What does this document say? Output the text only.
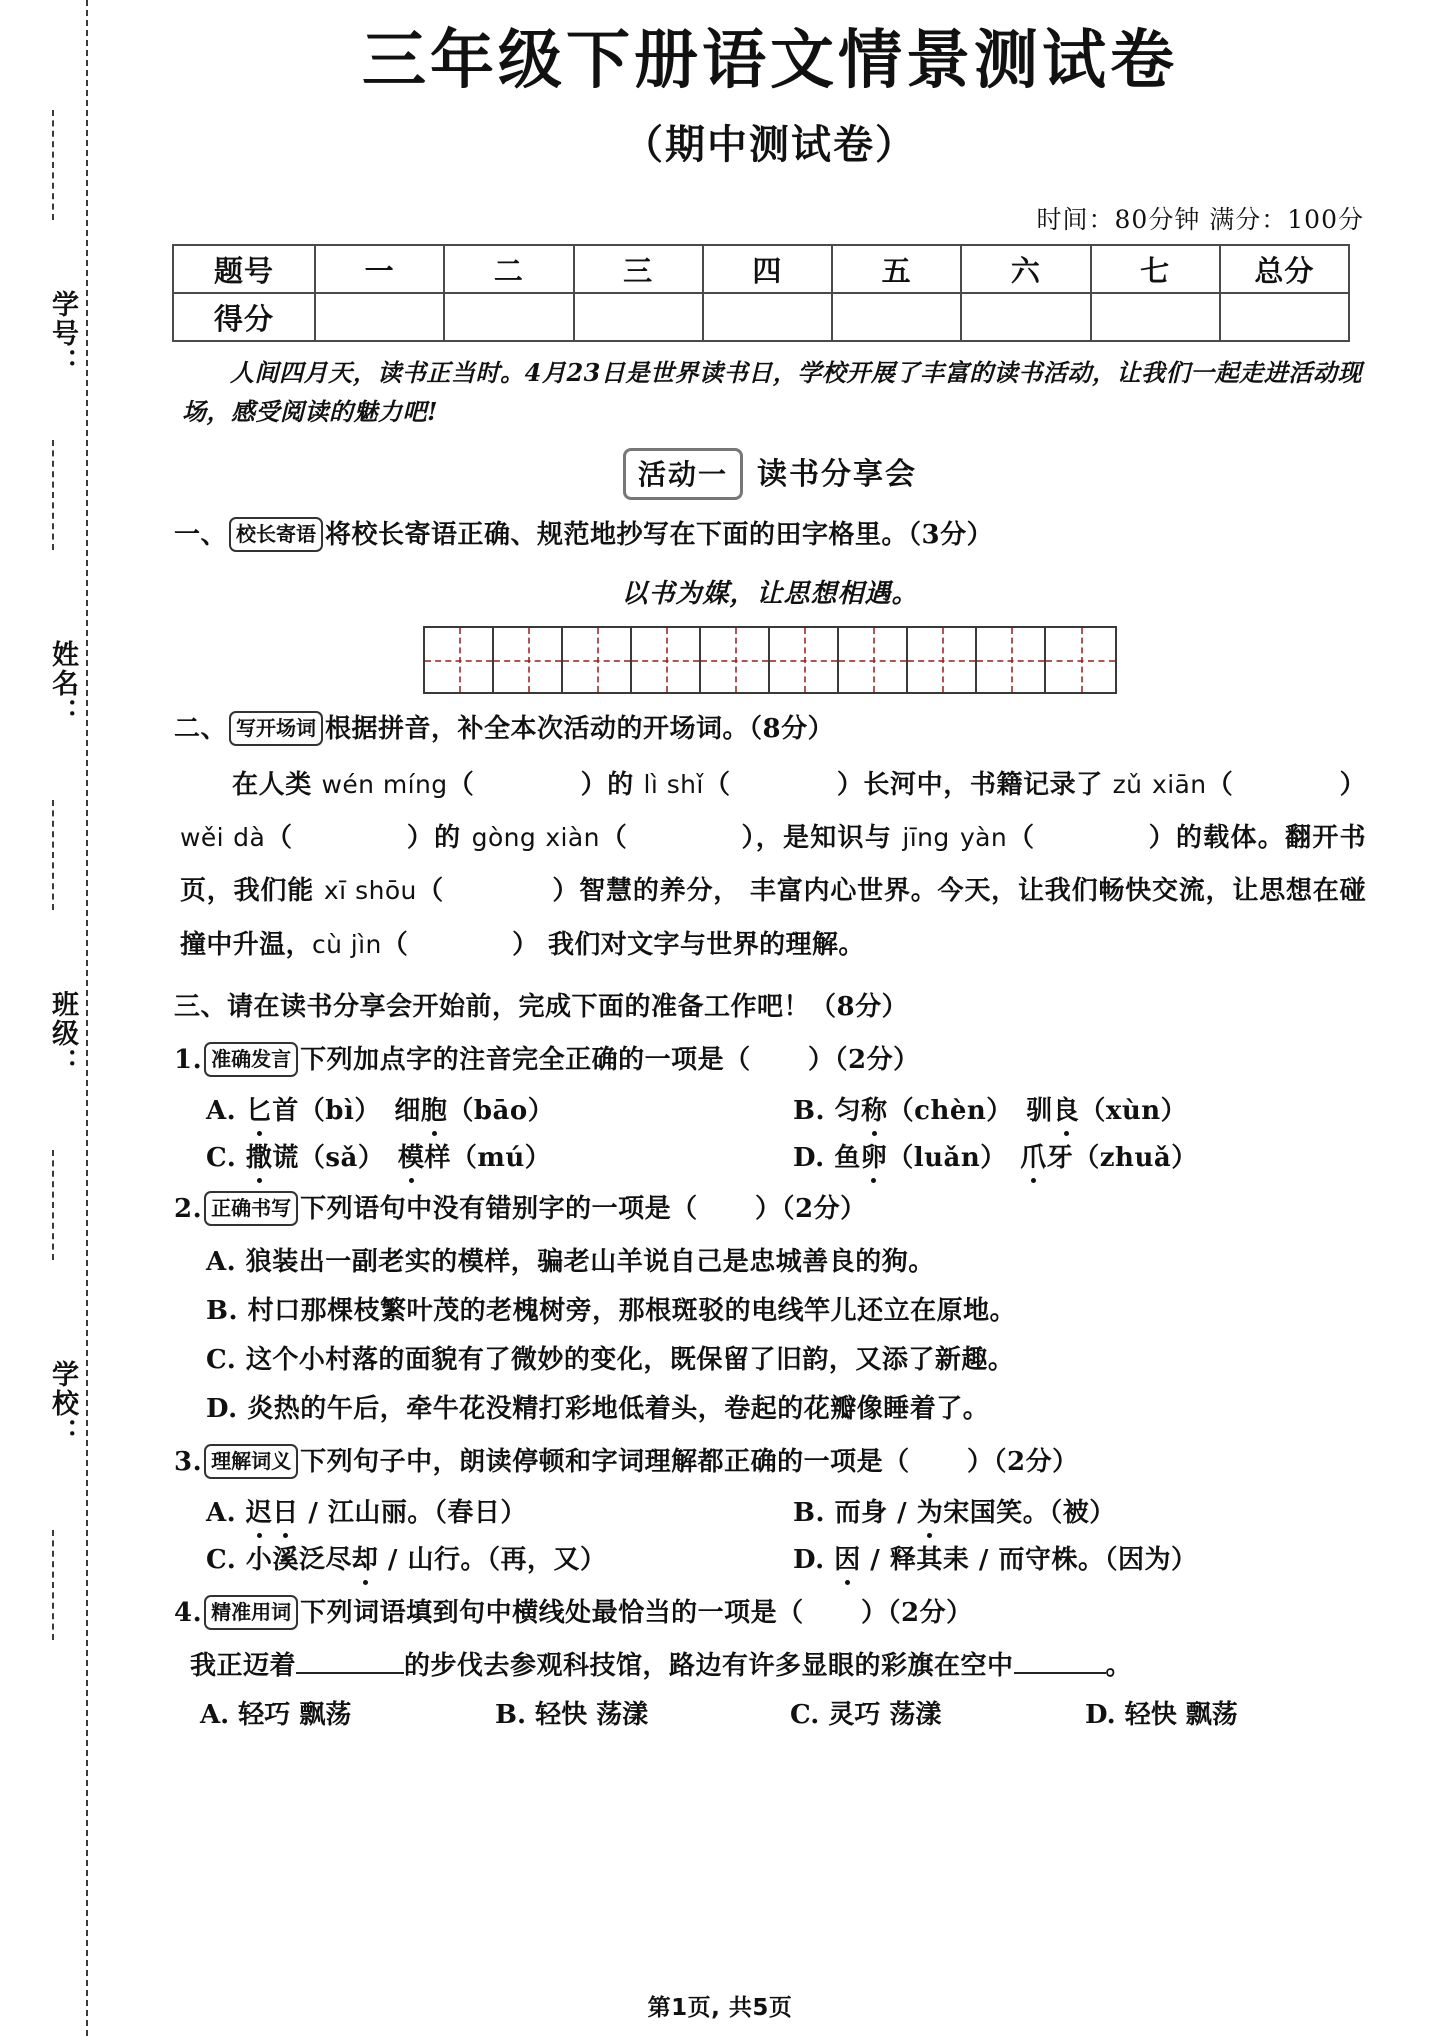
学号：
姓名：
班级：
学校：
三年级下册语文情景测试卷
（期中测试卷）
时间：80分钟 满分：100分
题号	一	二	三	四	五	六	七	总分
得分								
人间四月天，读书正当时。4月23日是世界读书日，学校开展了丰富的读书活动，让我们一起走进活动现场，感受阅读的魅力吧!
活动一 读书分享会
一、 校长寄语 将校长寄语正确、规范地抄写在下面的田字格里。（3分）
以书为媒，让思想相遇。
二、 写开场词 根据拼音，补全本次活动的开场词。（8分）
在人类 wén míng（	）的 lì shǐ（	）长河中，书籍记录了 zǔ xiān（	）wěi dà（	）的 gòng xiàn（	），是知识与 jīng yàn（	）的载体。翻开书页，我们能 xī shōu（	）智慧的养分， 丰富内心世界。今天，让我们畅快交流，让思想在碰撞中升温，cù jìn（	） 我们对文字与世界的理解。
三、请在读书分享会开始前，完成下面的准备工作吧！（8分）
1. 准确发言 下列加点字的注音完全正确的一项是（ ）（2分）
A. 匕首（bì）　细胞（bāo）	B. 匀称（chèn）　驯良（xùn）
C. 撒谎（sǎ）　模样（mú）	D. 鱼卵（luǎn）　爪牙（zhuǎ）
2. 正确书写 下列语句中没有错别字的一项是（ ）（2分）
A. 狼装出一副老实的模样，骗老山羊说自己是忠城善良的狗。
B. 村口那棵枝繁叶茂的老槐树旁，那根斑驳的电线竿儿还立在原地。
C. 这个小村落的面貌有了微妙的变化，既保留了旧韵，又添了新趣。
D. 炎热的午后，牵牛花没精打彩地低着头，卷起的花瓣像睡着了。
3. 理解词义 下列句子中，朗读停顿和字词理解都正确的一项是（ ）（2分）
A. 迟日 / 江山丽。（春日）	B. 而身 / 为宋国笑。（被）
C. 小溪泛尽却 / 山行。（再，又）	D. 因 / 释其耒 / 而守株。（因为）
4. 精准用词 下列词语填到句中横线处最恰当的一项是（ ）（2分）
我正迈着	的步伐去参观科技馆，路边有许多显眼的彩旗在空中	。
A. 轻巧 飘荡	B. 轻快 荡漾	C. 灵巧 荡漾	D. 轻快 飘荡
第1页, 共5页
